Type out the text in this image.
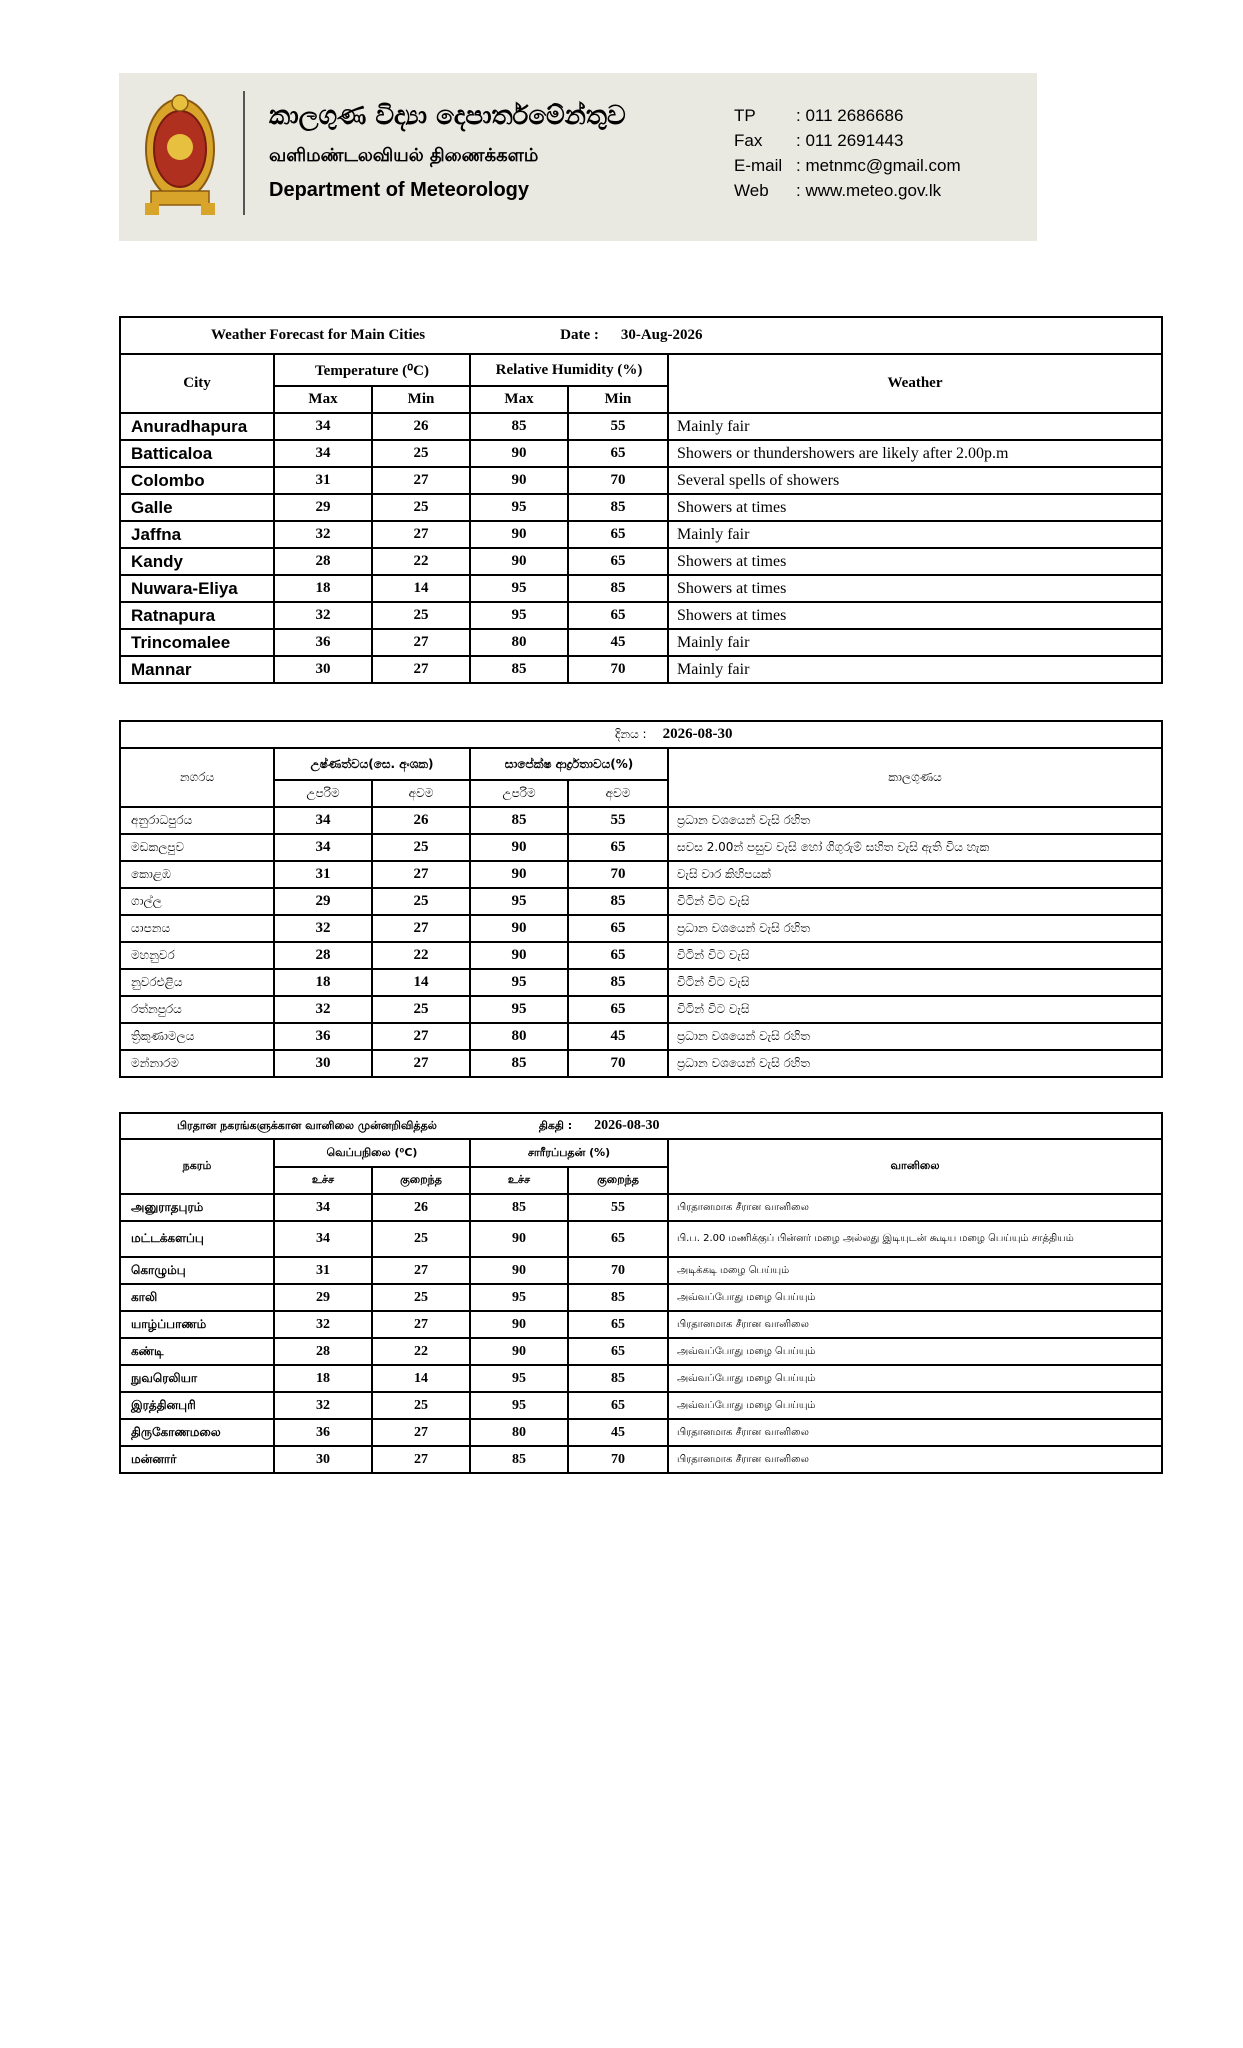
කාලගුණ විද්‍යා දෙපාර්තමේන්තුව
வளிமண்டலவியல் திணைக்களம்
Department of Meteorology
TP	: 011 2686686
Fax	: 011 2691443
E-mail : metnmc@gmail.com
Web	: www.meteo.gov.lk
Weather Forecast for Main Cities Date : 30-Aug-2026					

City	Temperature (⁰C)		Relative Humidity (%)		Weather
	Max	Min	Max	Min	
Anuradhapura	34	26	85	55	Mainly fair
Batticaloa	34	25	90	65	Showers or thundershowers are likely after 2.00p.m
Colombo	31	27	90	70	Several spells of showers
Galle	29	25	95	85	Showers at times
Jaffna	32	27	90	65	Mainly fair
Kandy	28	22	90	65	Showers at times
Nuwara-Eliya	18	14	95	85	Showers at times
Ratnapura	32	25	95	65	Showers at times
Trincomalee	36	27	80	45	Mainly fair
Mannar	30	27	85	70	Mainly fair
දිනය : 2026-08-30					

නගරය	උෂ්ණත්වය(සෙ. අංශක)		සාපේක්ෂ ආර්ද්‍රතාවය(%)		කාලගුණය
	උපරිම	අවම	උපරිම	අවම	
අනුරාධපුරය	34	26	85	55	ප්‍රධාන වශයෙන් වැසි රහිත
මඩකලපුව	34	25	90	65	සවස 2.00න් පසුව වැසි හෝ ගිගුරුම් සහිත වැසි ඇති විය හැක
කොළඹ	31	27	90	70	වැසි වාර කිහිපයක්
ගාල්ල	29	25	95	85	විටින් විට වැසි
යාපනය	32	27	90	65	ප්‍රධාන වශයෙන් වැසි රහිත
මහනුවර	28	22	90	65	විටින් විට වැසි
නුවරඑළිය	18	14	95	85	විටින් විට වැසි
රත්නපුරය	32	25	95	65	විටින් විට වැසි
ත්‍රිකුණාමලය	36	27	80	45	ප්‍රධාන වශයෙන් වැසි රහිත
මන්නාරම	30	27	85	70	ප්‍රධාන වශයෙන් වැසි රහිත
பிரதான நகரங்களுக்கான வானிலை முன்னறிவித்தல் திகதி : 2026-08-30					

நகரம்	வெப்பநிலை (⁰C)		சாரீரப்பதன் (%)		வானிலை
	உச்ச	குறைந்த	உச்ச	குறைந்த	
அனுராதபுரம்	34	26	85	55	பிரதானமாக சீரான வானிலை
மட்டக்களப்பு	34	25	90	65	பி.ப. 2.00 மணிக்குப் பின்னர் மழை அல்லது இடியுடன் கூடிய மழை பெய்யும் சாத்தியம்
கொழும்பு	31	27	90	70	அடிக்கடி மழை பெய்யும்
காலி	29	25	95	85	அவ்வப்போது மழை பெய்யும்
யாழ்ப்பாணம்	32	27	90	65	பிரதானமாக சீரான வானிலை
கண்டி	28	22	90	65	அவ்வப்போது மழை பெய்யும்
நுவரெலியா	18	14	95	85	அவ்வப்போது மழை பெய்யும்
இரத்தினபுரி	32	25	95	65	அவ்வப்போது மழை பெய்யும்
திருகோணமலை	36	27	80	45	பிரதானமாக சீரான வானிலை
மன்னார்	30	27	85	70	பிரதானமாக சீரான வானிலை
